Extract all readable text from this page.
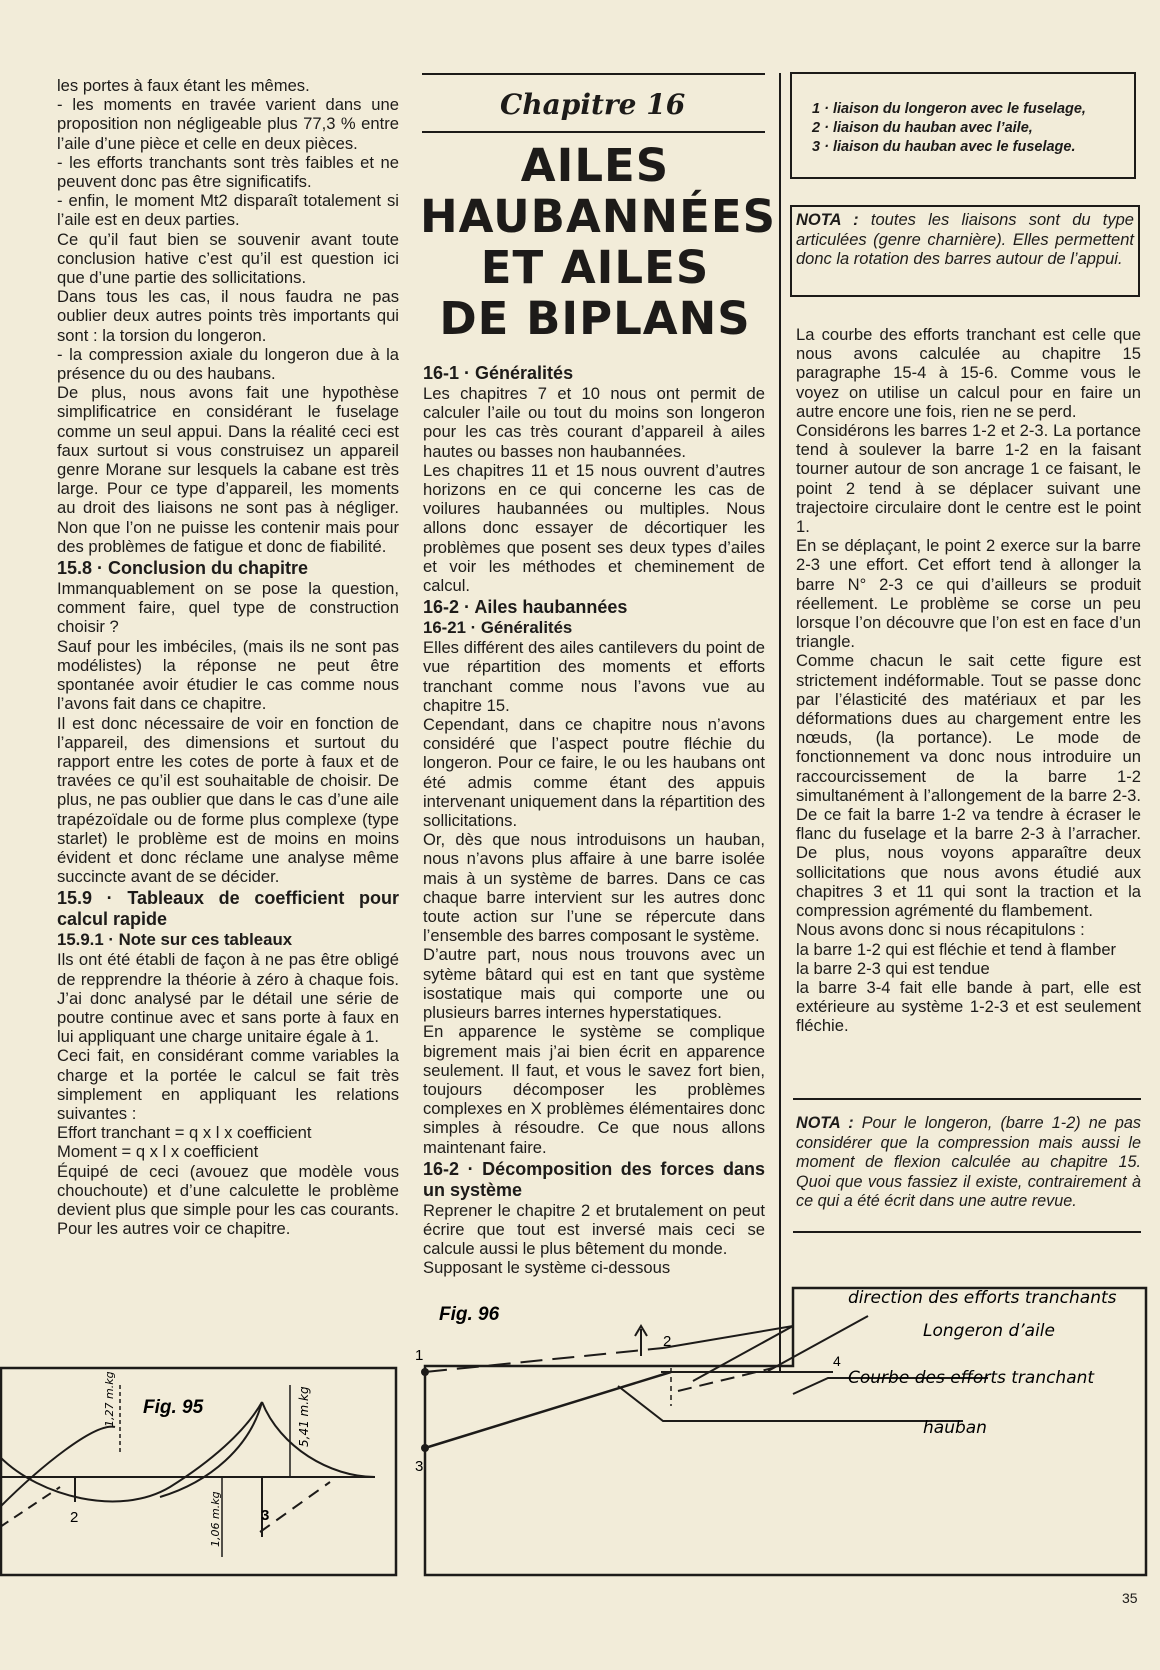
les portes à faux étant les mêmes.

- les moments en travée varient dans une proposition non négligeable plus 77,3 % entre l’aile d’une pièce et celle en deux pièces.

- les efforts tranchants sont très faibles et ne peuvent donc pas être significatifs.

- enfin, le moment Mt2 disparaît totalement si l’aile est en deux parties.

Ce qu’il faut bien se souvenir avant toute conclusion hative c’est qu’il est question ici que d’une partie des sollicitations.

Dans tous les cas, il nous faudra ne pas oublier deux autres points très importants qui sont : la torsion du longeron.

- la compression axiale du longeron due à la présence du ou des haubans.

De plus, nous avons fait une hypothèse simplificatrice en considérant le fuselage comme un seul appui. Dans la réalité ceci est faux surtout si vous construisez un appareil genre Morane sur lesquels la cabane est très large. Pour ce type d’appareil, les moments au droit des liaisons ne sont pas à négliger. Non que l’on ne puisse les contenir mais pour des problèmes de fatigue et donc de fiabilité.

15.8 · Conclusion du chapitre

Immanquablement on se pose la question, comment faire, quel type de construction choisir ?

Sauf pour les imbéciles, (mais ils ne sont pas modélistes) la réponse ne peut être spontanée avoir étudier le cas comme nous l’avons fait dans ce chapitre.

Il est donc nécessaire de voir en fonction de l’appareil, des dimensions et surtout du rapport entre les cotes de porte à faux et de travées ce qu’il est souhaitable de choisir. De plus, ne pas oublier que dans le cas d’une aile trapézoïdale ou de forme plus complexe (type starlet) le problème est de moins en moins évident et donc réclame une analyse même succincte avant de se décider.

15.9 · Tableaux de coefficient pour calcul rapide

15.9.1 · Note sur ces tableaux

Ils ont été établi de façon à ne pas être obligé de repprendre la théorie à zéro à chaque fois. J’ai donc analysé par le détail une série de poutre continue avec et sans porte à faux en lui appliquant une charge unitaire égale à 1.

Ceci fait, en considérant comme variables la charge et la portée le calcul se fait très simplement en appliquant les relations suivantes :

Effort tranchant = q x l x coefficient

Moment = q x l x coefficient

Équipé de ceci (avouez que modèle vous chouchoute) et d’une calculette le problème devient plus que simple pour les cas courants. Pour les autres voir ce chapitre.

Chapitre 16
AILES
HAUBANNÉES
ET AILES
DE BIPLANS

16-1 · Généralités

Les chapitres 7 et 10 nous ont permit de calculer l’aile ou tout du moins son longeron pour les cas très courant d’appareil à ailes hautes ou basses non haubannées.

Les chapitres 11 et 15 nous ouvrent d’autres horizons en ce qui concerne les cas de voilures haubannées ou multiples. Nous allons donc essayer de décortiquer les problèmes que posent ses deux types d’ailes et voir les méthodes et cheminement de calcul.

16-2 · Ailes haubannées

16-21 · Généralités

Elles différent des ailes cantilevers du point de vue répartition des moments et efforts tranchant comme nous l’avons vue au chapitre 15.

Cependant, dans ce chapitre nous n’avons considéré que l’aspect poutre fléchie du longeron. Pour ce faire, le ou les haubans ont été admis comme étant des appuis intervenant uniquement dans la répartition des sollicitations.

Or, dès que nous introduisons un hauban, nous n’avons plus affaire à une barre isolée mais à un système de barres. Dans ce cas chaque barre intervient sur les autres donc toute action sur l’une se répercute dans l’ensemble des barres composant le système.

D’autre part, nous nous trouvons avec un sytème bâtard qui est en tant que système isostatique mais qui comporte une ou plusieurs barres internes hyperstatiques.

En apparence le système se complique bigrement mais j’ai bien écrit en apparence seulement. Il faut, et vous le savez fort bien, toujours décomposer les problèmes complexes en X problèmes élémentaires donc simples à résoudre. Ce que nous allons maintenant faire.

16-2 · Décomposition des forces dans un système

Reprener le chapitre 2 et brutalement on peut écrire que tout est inversé mais ceci se calcule aussi le plus bêtement du monde.

Supposant le système ci-dessous

1 · liaison du longeron avec le fuselage,
2 · liaison du hauban avec l’aile,
3 · liaison du hauban avec le fuselage.

NOTA : toutes les liaisons sont du type articulées (genre charnière). Elles permettent donc la rotation des barres autour de l’appui.

La courbe des efforts tranchant est celle que nous avons calculée au chapitre 15 paragraphe 15-4 à 15-6. Comme vous le voyez on utilise un calcul pour en faire un autre encore une fois, rien ne se perd.

Considérons les barres 1-2 et 2-3. La portance tend à soulever la barre 1-2 en la faisant tourner autour de son ancrage 1 ce faisant, le point 2 tend à se déplacer suivant une trajectoire circulaire dont le centre est le point 1.

En se déplaçant, le point 2 exerce sur la barre 2-3 une effort. Cet effort tend à allonger la barre N° 2-3 ce qui d’ailleurs se produit réellement. Le problème se corse un peu lorsque l’on découvre que l’on est en face d’un triangle.

Comme chacun le sait cette figure est strictement indéformable. Tout se passe donc par l’élasticité des matériaux et par les déformations dues au chargement entre les nœuds, (la portance). Le mode de fonctionnement va donc nous introduire un raccourcissement de la barre 1-2 simultanément à l’allongement de la barre 2-3. De ce fait la barre 1-2 va tendre à écraser le flanc du fuselage et la barre 2-3 à l’arracher. De plus, nous voyons apparaître deux sollicitations que nous avons étudié aux chapitres 3 et 11 qui sont la traction et la compression agrémenté du flambement.

Nous avons donc si nous récapitulons :

la barre 1-2 qui est fléchie et tend à flamber

la barre 2-3 qui est tendue

la barre 3-4 fait elle bande à part, elle est extérieure au système 1-2-3 et est seulement fléchie.

NOTA : Pour le longeron, (barre 1-2) ne pas considérer que la compression mais aussi le moment de flexion calculée au chapitre 15. Quoi que vous fassiez il existe, contrairement à ce qui a été écrit dans une autre revue.
Fig. 95
1,27 m.kg	5,41 m.kg
1,06 m.kg
2	3
Fig. 96
1
2
3
4
direction des efforts tranchants
Longeron d’aile
Courbe des efforts tranchant
hauban
35
